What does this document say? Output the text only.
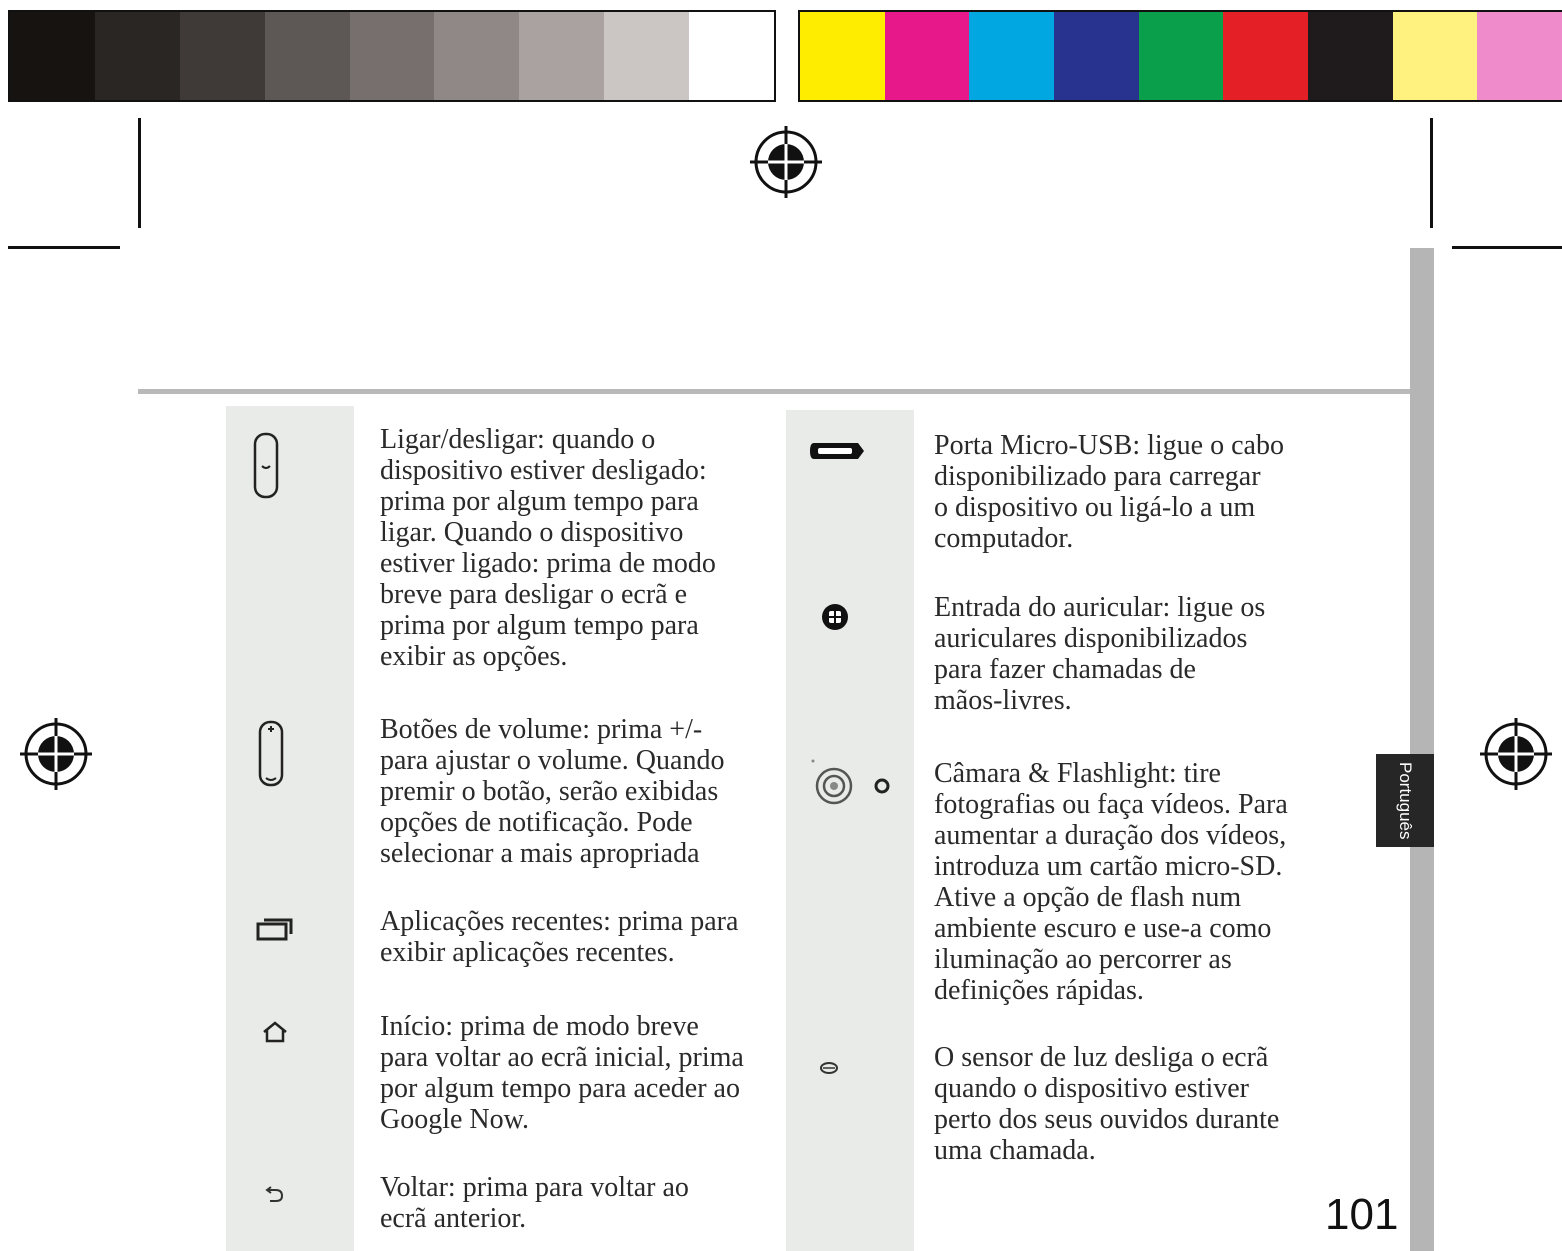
Português

Ligar/desligar: quando o
dispositivo estiver desligado:
prima por algum tempo para
ligar. Quando o dispositivo
estiver ligado: prima de modo
breve para desligar o ecrã e
prima por algum tempo para
exibir as opções.

Botões de volume: prima +/-
para ajustar o volume. Quando
premir o botão, serão exibidas
opções de notificação. Pode
selecionar a mais apropriada

Aplicações recentes: prima para
exibir aplicações recentes.

Início: prima de modo breve
para voltar ao ecrã inicial, prima
por algum tempo para aceder ao
Google Now.

Voltar: prima para voltar ao
ecrã anterior.

Porta Micro-USB: ligue o cabo
disponibilizado para carregar
o dispositivo ou ligá-lo a um
computador.

Entrada do auricular: ligue os
auriculares disponibilizados
para fazer chamadas de
mãos-livres.

Câmara & Flashlight: tire
fotografias ou faça vídeos. Para
aumentar a duração dos vídeos,
introduza um cartão micro-SD.
Ative a opção de flash num
ambiente escuro e use-a como
iluminação ao percorrer as
definições rápidas.

O sensor de luz desliga o ecrã
quando o dispositivo estiver
perto dos seus ouvidos durante
uma chamada.

101
